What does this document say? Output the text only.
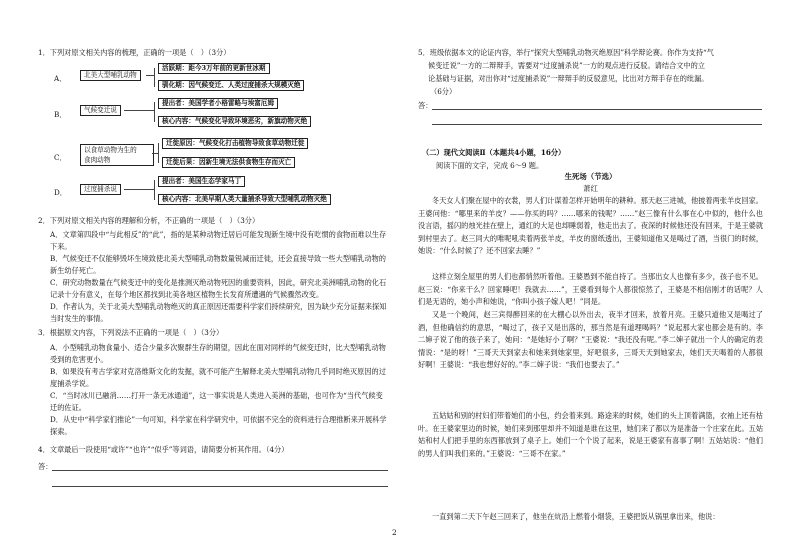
1．下列对原文相关内容的梳理，正确的一项是（　）（3分）
A．	北美大型哺乳动物
活跃期：距今3万年前的更新世冰期
驯化期：因气候变迁、人类过度捕杀大规模灭绝
B．	气候变迁说
提出者：美国学者小格雷略与埃富厄姆
核心内容：气候变化导致环境恶劣，新旗动物灭绝
C．
以食草动物为生的
食肉动物
迁徙原因：气候变化打击植物导致食草动物迁徙
迁徙后果：因新生境无法供食物生存而灭亡
D．	过度捕杀说
提出者：美国生态学家马丁
核心内容：北美早期人类大量捕杀导致大型哺乳动物灭绝
2．下列对原文相关内容的理解和分析，不正确的一项是（　）（3分）
A．文章第四段中“与此相反”的“此”，指的是某种动物迁居后可能发现新生境中没有吃惯的食物而难以生存下来。
B．气候变迁不仅能够毁坏生境致使北美大型哺乳动物数量锐减而迁徙，还会直接导致一些大型哺乳动物的新生幼仔死亡。
C．研究动物数量在气候变迁中的变化是推测灭绝动物死因的重要资料，因此，研究北美洲哺乳动物的化石记录十分有意义，在每个地区都找到北美各地区植物生长发育所遭遇的气候骤然改变。
D．作者认为，关于北美大型哺乳动物绝灭的真正原因还需要科学家们持续研究，因为缺少充分证据来探知当时发生的事情。
3．根据原文内容，下列说法不正确的一项是（　）（3分）
A．小型哺乳动物食量小、适合少量多次聚群生存的期望，因此在面对同样的气候变迁时，比大型哺乳动物受到的危害更小。
B．如果没有考古学家对克洛维斯文化的发掘，就不可能产生解释北美大型哺乳动物几乎同时绝灭原因的过度捕杀学说。
C．“当时冰川已融消……打开一条无冰通道”，这一事实说是人类进入美洲的基础，也可作为“当代气候变迁的佐证。
D．从史中“科学家们推论”一句可知，科学家在科学研究中，可依据不完全的资料进行合理推断来开展科学探索。
4．文章最后一段使用“或许”“也许”“似乎”等词语，请简要分析其作用。（4分）
答：
5．班级依据本文的论证内容，举行“探究大型哺乳动物灭绝原因”科学辩论赛。你作为支持“气
候变迁说”一方的二辩辩手，需要对“过度捕杀说”一方的观点进行反驳。请结合文中的立
论基础与证据，对出你对“过度捕杀说”一辩辩手的反驳意见，比出对方辩手存在的纰漏。
（6分）
答：
（二）现代文阅读Ⅱ（本题共4小题，16分）
阅读下面的文字，完成 6～9 题。
生死场（节选）
萧红
冬天女人们聚在屋中的衣裳，男人们计谋着怎样开始明年的耕种。那天赵三进城，他披着两张羊皮回家。王婆问他：“哪里来的羊皮？——你买的吗？……哪来的钱呢？……”赵三像有什么事在心中似的，他什么也没言语，摇闪的烛光挂在壁上，通红的大足也却睡弱着，他走出去了。夜深的时候他还没有回来，于是王婆就到村里去了。赵三同大的唯呢吼卖着两张羊皮，羊皮的窗纸透出，王婆知道他又是喝过了酒，当很门的时候，她说：“什么时候了？还不回家去睡？”
这样立刻全屋里的男人们也都悄然听着他。王婆愚到不能自持了。当那出女人也像有多少，孩子也不见。赵三说：“你来干么？回家睡吧！我就去……”，王婆看到每个人都很惊然了，王婆是不相信刚才的话呢？人们是无语的，她小声和她说，“你叫小孩子嫁人吧！”同是。
又是一个晚间，赵三宾得醉回来的在大棚心以外出去，夜半才回来，放着月亮。王婆只道他又是喝过了酒，但他确信约的意思，“喝过了，孩子又是出落的，那当然是有道理喝吗？”说起那大家也都会是有的。李二婶子说了他的孩子来了，她问：“是她好小了啊？”王婆说：“我还没有呢。”李二婶子就出一个人的确定的表情说：“是的呀！”三哥天天到家去和她来到她家里，好吧很多，三哥天天到她家去，她们天天喝着的人都很好啊！王婆说：“我也想好好的。”李二婶子说：“我们也要去了。”
五姑姑和别的村妇们带着她们的小包，约会着来到。路途来的时候，她们的头上顶着满篮，衣袖上还有枯叶。在王婆家里边的时候，她们来到那里却并不知道是谁在这里，她们来了都以为是准备一个庄家在此。五姑姑和村人们把手里的东西都放到了桌子上。她们一个个说了起来，说是王婆家有喜事了啊！五姑姑说：“他们的男人们叫我们来的。”王婆说：“三哥不在家。”
一直到第二天下午赵三回来了，他坐在炕沿上燃着小烟袋，王婆把饭从锅里拿出来，他说：
2
